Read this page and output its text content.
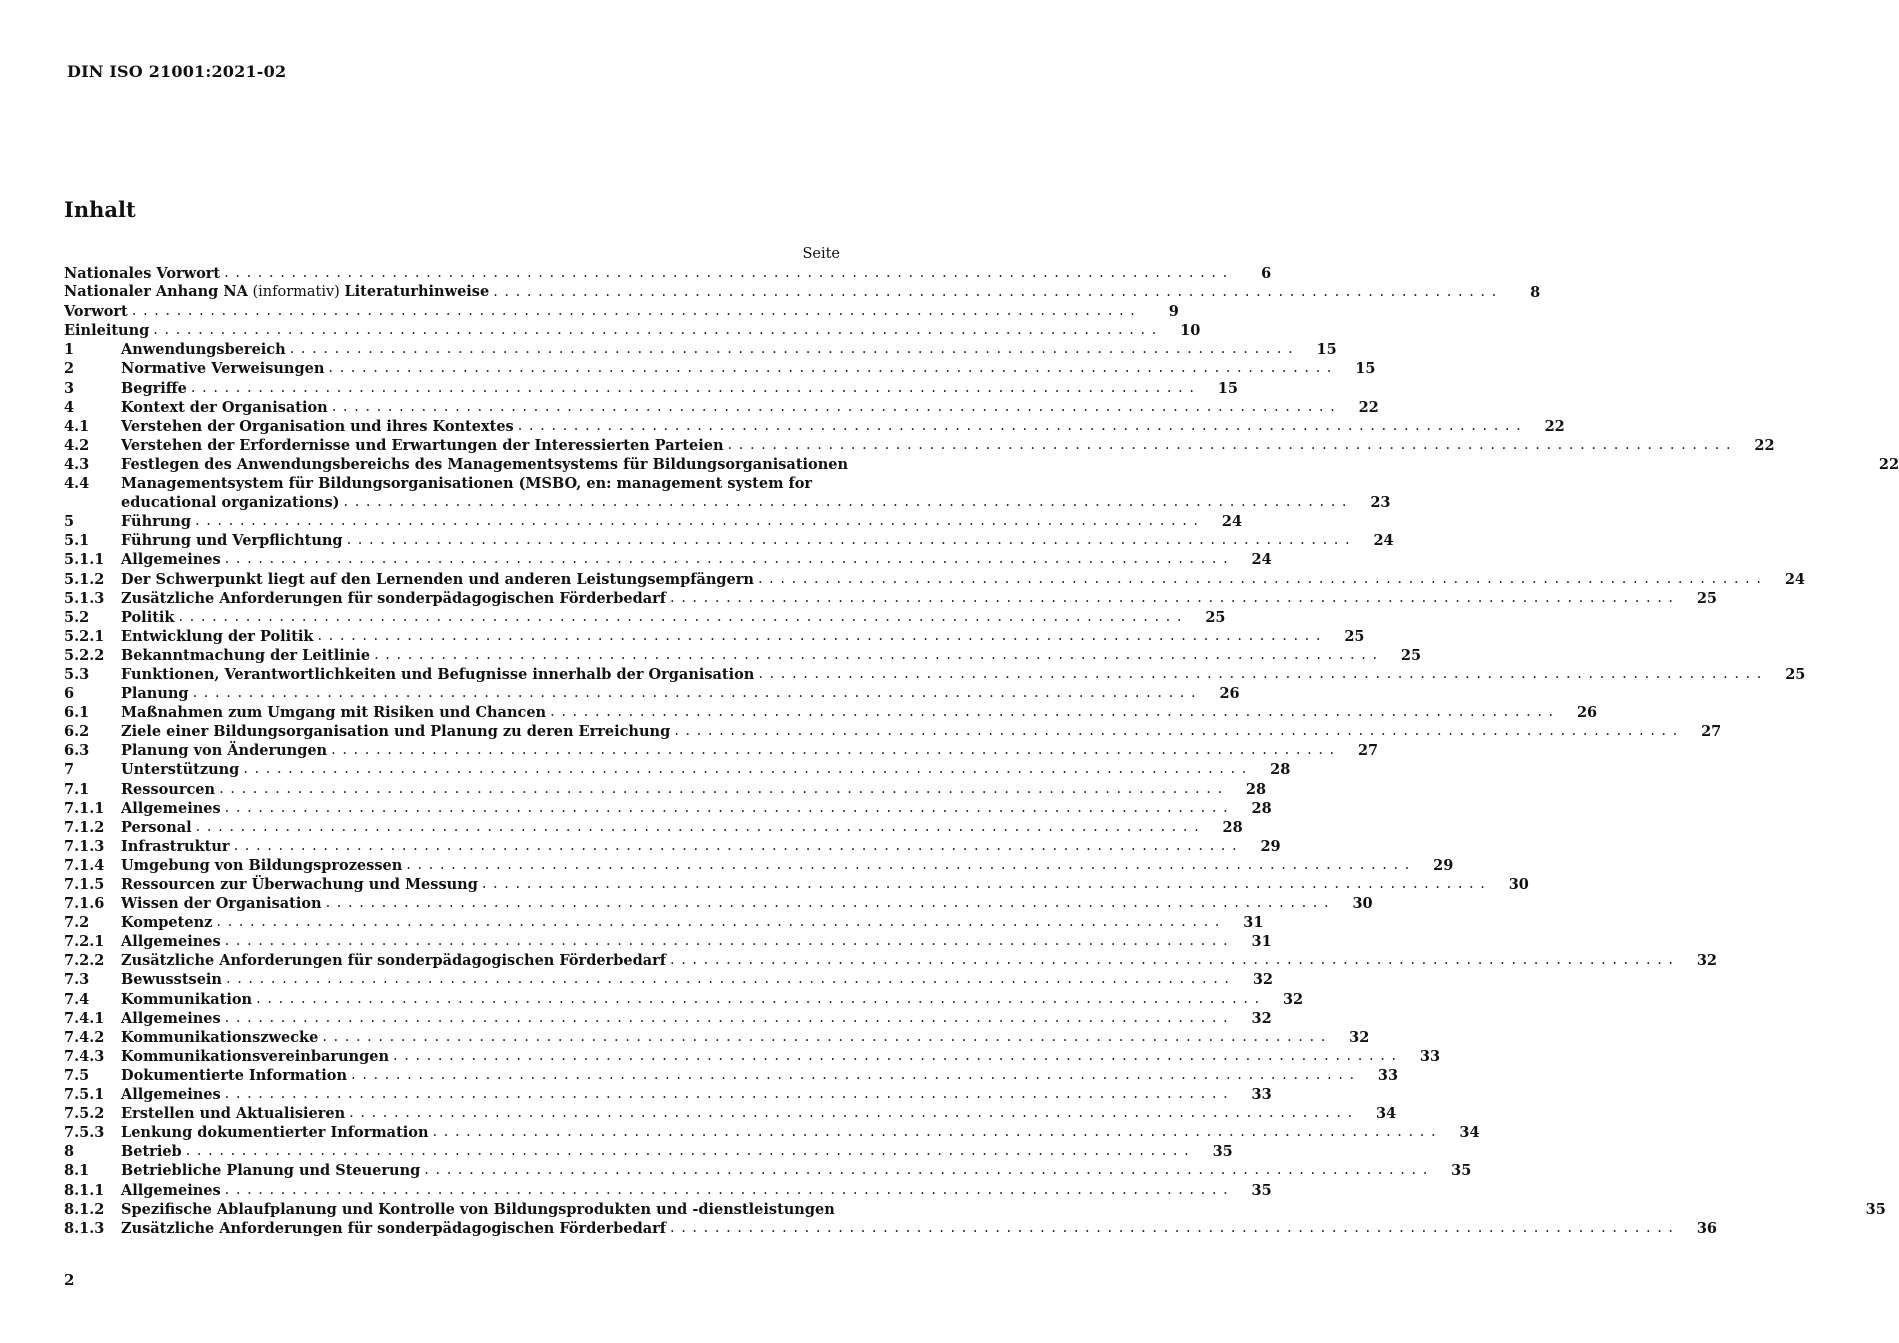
DIN ISO 21001:2021-02
Inhalt
Seite
Nationales Vorwort . . .	6
Nationaler Anhang NA (informativ) Literaturhinweise . . .	8
Vorwort . . .	9
Einleitung . . .	10
1	Anwendungsbereich . . .	15
2	Normative Verweisungen . . .	15
3	Begriffe . . .	15
4	Kontext der Organisation . . .	22
4.1	Verstehen der Organisation und ihres Kontextes . . .	22
4.2	Verstehen der Erfordernisse und Erwartungen der Interessierten Parteien . . .	22
4.3	Festlegen des Anwendungsbereichs des Managementsystems für Bildungsorganisationen	22
4.4	Managementsystem für Bildungsorganisationen (MSBO, en: management system for
educational organizations) . . .	23
5	Führung . . .	24
5.1	Führung und Verpflichtung . . .	24
5.1.1	Allgemeines . . .	24
5.1.2	Der Schwerpunkt liegt auf den Lernenden und anderen Leistungsempfängern . . .	24
5.1.3	Zusätzliche Anforderungen für sonderpädagogischen Förderbedarf . . .	25
5.2	Politik . . .	25
5.2.1	Entwicklung der Politik . . .	25
5.2.2	Bekanntmachung der Leitlinie . . .	25
5.3	Funktionen, Verantwortlichkeiten und Befugnisse innerhalb der Organisation . . .	25
6	Planung . . .	26
6.1	Maßnahmen zum Umgang mit Risiken und Chancen . . .	26
6.2	Ziele einer Bildungsorganisation und Planung zu deren Erreichung . . .	27
6.3	Planung von Änderungen . . .	27
7	Unterstützung . . .	28
7.1	Ressourcen . . .	28
7.1.1	Allgemeines . . .	28
7.1.2	Personal . . .	28
7.1.3	Infrastruktur . . .	29
7.1.4	Umgebung von Bildungsprozessen . . .	29
7.1.5	Ressourcen zur Überwachung und Messung . . .	30
7.1.6	Wissen der Organisation . . .	30
7.2	Kompetenz . . .	31
7.2.1	Allgemeines . . .	31
7.2.2	Zusätzliche Anforderungen für sonderpädagogischen Förderbedarf . . .	32
7.3	Bewusstsein . . .	32
7.4	Kommunikation . . .	32
7.4.1	Allgemeines . . .	32
7.4.2	Kommunikationszwecke . . .	32
7.4.3	Kommunikationsvereinbarungen . . .	33
7.5	Dokumentierte Information . . .	33
7.5.1	Allgemeines . . .	33
7.5.2	Erstellen und Aktualisieren . . .	34
7.5.3	Lenkung dokumentierter Information . . .	34
8	Betrieb . . .	35
8.1	Betriebliche Planung und Steuerung . . .	35
8.1.1	Allgemeines . . .	35
8.1.2	Spezifische Ablaufplanung und Kontrolle von Bildungsprodukten und -dienstleistungen	35
8.1.3	Zusätzliche Anforderungen für sonderpädagogischen Förderbedarf . . .	36
2
